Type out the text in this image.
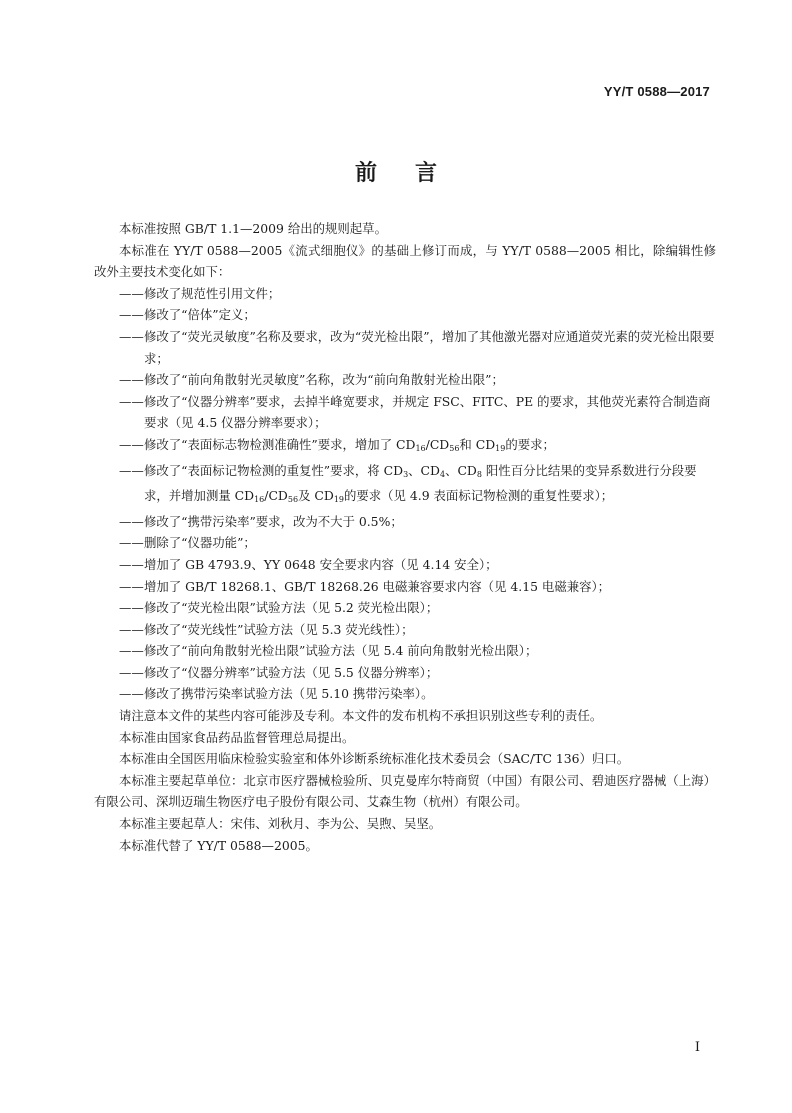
YY/T 0588—2017
前言

本标准按照 GB/T 1.1—2009 给出的规则起草。

本标准在 YY/T 0588—2005《流式细胞仪》的基础上修订而成，与 YY/T 0588—2005 相比，除编辑性修改外主要技术变化如下：

—— 修改了规范性引用文件；

—— 修改了“倍体”定义；

—— 修改了“荧光灵敏度”名称及要求，改为“荧光检出限”，增加了其他激光器对应通道荧光素的荧光检出限要求；

—— 修改了“前向角散射光灵敏度”名称，改为“前向角散射光检出限”；

—— 修改了“仪器分辨率”要求，去掉半峰宽要求，并规定 FSC、FITC、PE 的要求，其他荧光素符合制造商要求（见 4.5 仪器分辨率要求）；

—— 修改了“表面标志物检测准确性”要求，增加了 $CD_{16}/CD_{56}$和 $CD_{19}$的要求；

—— 修改了“表面标记物检测的重复性”要求，将 $CD_3$、$CD_4$、$CD_8$ 阳性百分比结果的变异系数进行分段要求，并增加测量 $CD_{16}/CD_{56}$及 $CD_{19}$的要求（见 4.9 表面标记物检测的重复性要求）；

—— 修改了“携带污染率”要求，改为不大于 0.5%；

—— 删除了“仪器功能”；

—— 增加了 GB 4793.9、YY 0648 安全要求内容（见 4.14 安全）；

—— 增加了 GB/T 18268.1、GB/T 18268.26 电磁兼容要求内容（见 4.15 电磁兼容）；

—— 修改了“荧光检出限”试验方法（见 5.2 荧光检出限）；

—— 修改了“荧光线性”试验方法（见 5.3 荧光线性）；

—— 修改了“前向角散射光检出限”试验方法（见 5.4 前向角散射光检出限）；

—— 修改了“仪器分辨率”试验方法（见 5.5 仪器分辨率）；

—— 修改了携带污染率试验方法（见 5.10 携带污染率）。

请注意本文件的某些内容可能涉及专利。本文件的发布机构不承担识别这些专利的责任。

本标准由国家食品药品监督管理总局提出。

本标准由全国医用临床检验实验室和体外诊断系统标准化技术委员会（SAC/TC 136）归口。

本标准主要起草单位：北京市医疗器械检验所、贝克曼库尔特商贸（中国）有限公司、碧迪医疗器械（上海）有限公司、深圳迈瑞生物医疗电子股份有限公司、艾森生物（杭州）有限公司。

本标准主要起草人：宋伟、刘秋月、李为公、吴煦、吴坚。

本标准代替了 YY/T 0588—2005。

I
